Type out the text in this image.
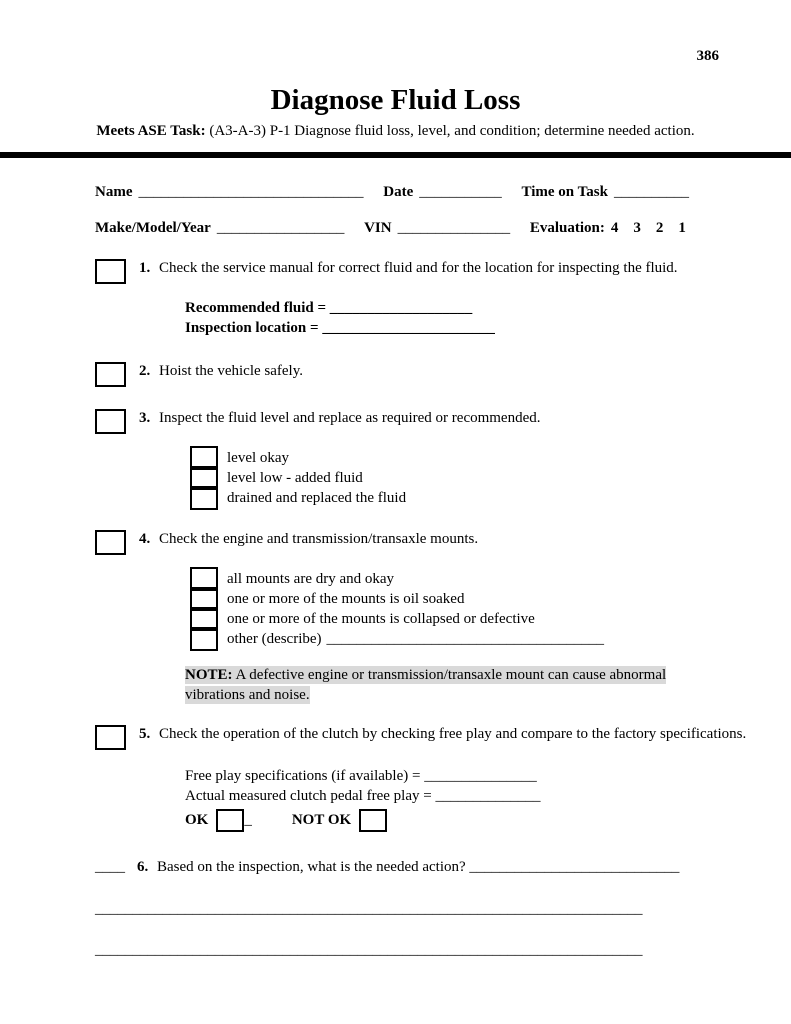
386
Diagnose Fluid Loss

Meets ASE Task: (A3-A-3) P-1 Diagnose fluid loss, level, and condition; determine needed action.

Name ______________________________ Date ___________ Time on Task __________
Make/Model/Year _________________ VIN _______________ Evaluation: 4    3    2    1
1. Check the service manual for correct fluid and for the location for inspecting the fluid.
Recommended fluid = ___________________
Inspection location = _______________________
2. Hoist the vehicle safely.
3. Inspect the fluid level and replace as required or recommended.
level okay
level low - added fluid
drained and replaced the fluid
4. Check the engine and transmission/transaxle mounts.
all mounts are dry and okay
one or more of the mounts is oil soaked
one or more of the mounts is collapsed or defective
other (describe) _____________________________________

NOTE: A defective engine or transmission/transaxle mount can cause abnormal vibrations and noise.

5. Check the operation of the clutch by checking free play and compare to the factory specifications.
Free play specifications (if available) = _______________
Actual measured clutch pedal free play = ______________
OK _	NOT OK
____ 6. Based on the inspection, what is the needed action? ____________________________
_________________________________________________________________________
_________________________________________________________________________
